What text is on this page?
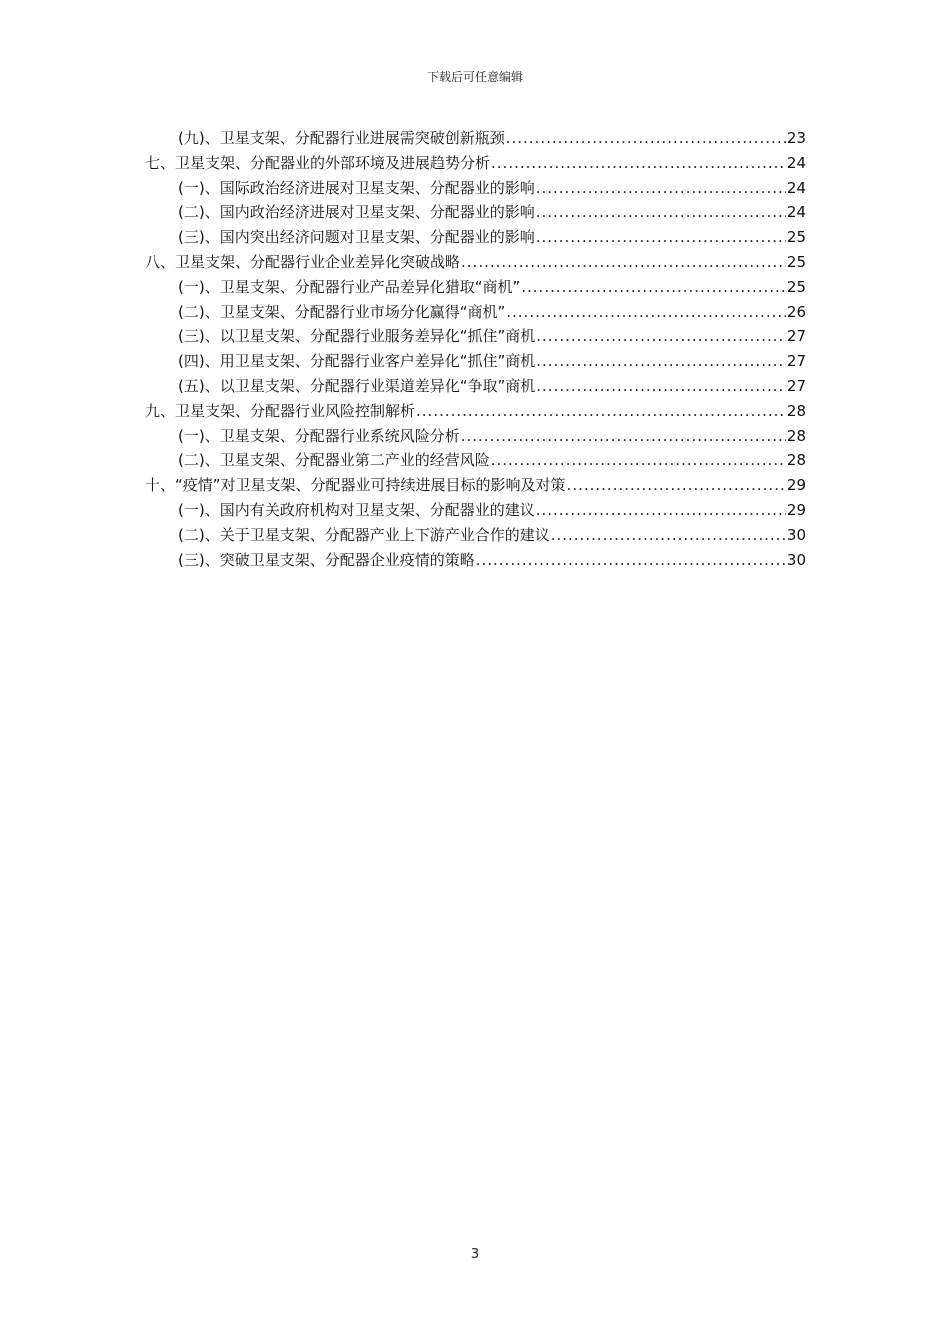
下载后可任意编辑
(九)、卫星支架、分配器行业进展需突破创新瓶颈 .....	23
七、卫星支架、分配器业的外部环境及进展趋势分析 .....	24
(一)、国际政治经济进展对卫星支架、分配器业的影响 .....	24
(二)、国内政治经济进展对卫星支架、分配器业的影响 .....	24
(三)、国内突出经济问题对卫星支架、分配器业的影响 .....	25
八、卫星支架、分配器行业企业差异化突破战略 .....	25
(一)、卫星支架、分配器行业产品差异化猎取“商机” .....	25
(二)、卫星支架、分配器行业市场分化赢得“商机” .....	26
(三)、以卫星支架、分配器行业服务差异化“抓住”商机 .....	27
(四)、用卫星支架、分配器行业客户差异化“抓住”商机 .....	27
(五)、以卫星支架、分配器行业渠道差异化“争取”商机 .....	27
九、卫星支架、分配器行业风险控制解析 .....	28
(一)、卫星支架、分配器行业系统风险分析 .....	28
(二)、卫星支架、分配器业第二产业的经营风险 .....	28
十、“疫情”对卫星支架、分配器业可持续进展目标的影响及对策 .....	29
(一)、国内有关政府机构对卫星支架、分配器业的建议 .....	29
(二)、关于卫星支架、分配器产业上下游产业合作的建议 .....	30
(三)、突破卫星支架、分配器企业疫情的策略 .....	30
3
